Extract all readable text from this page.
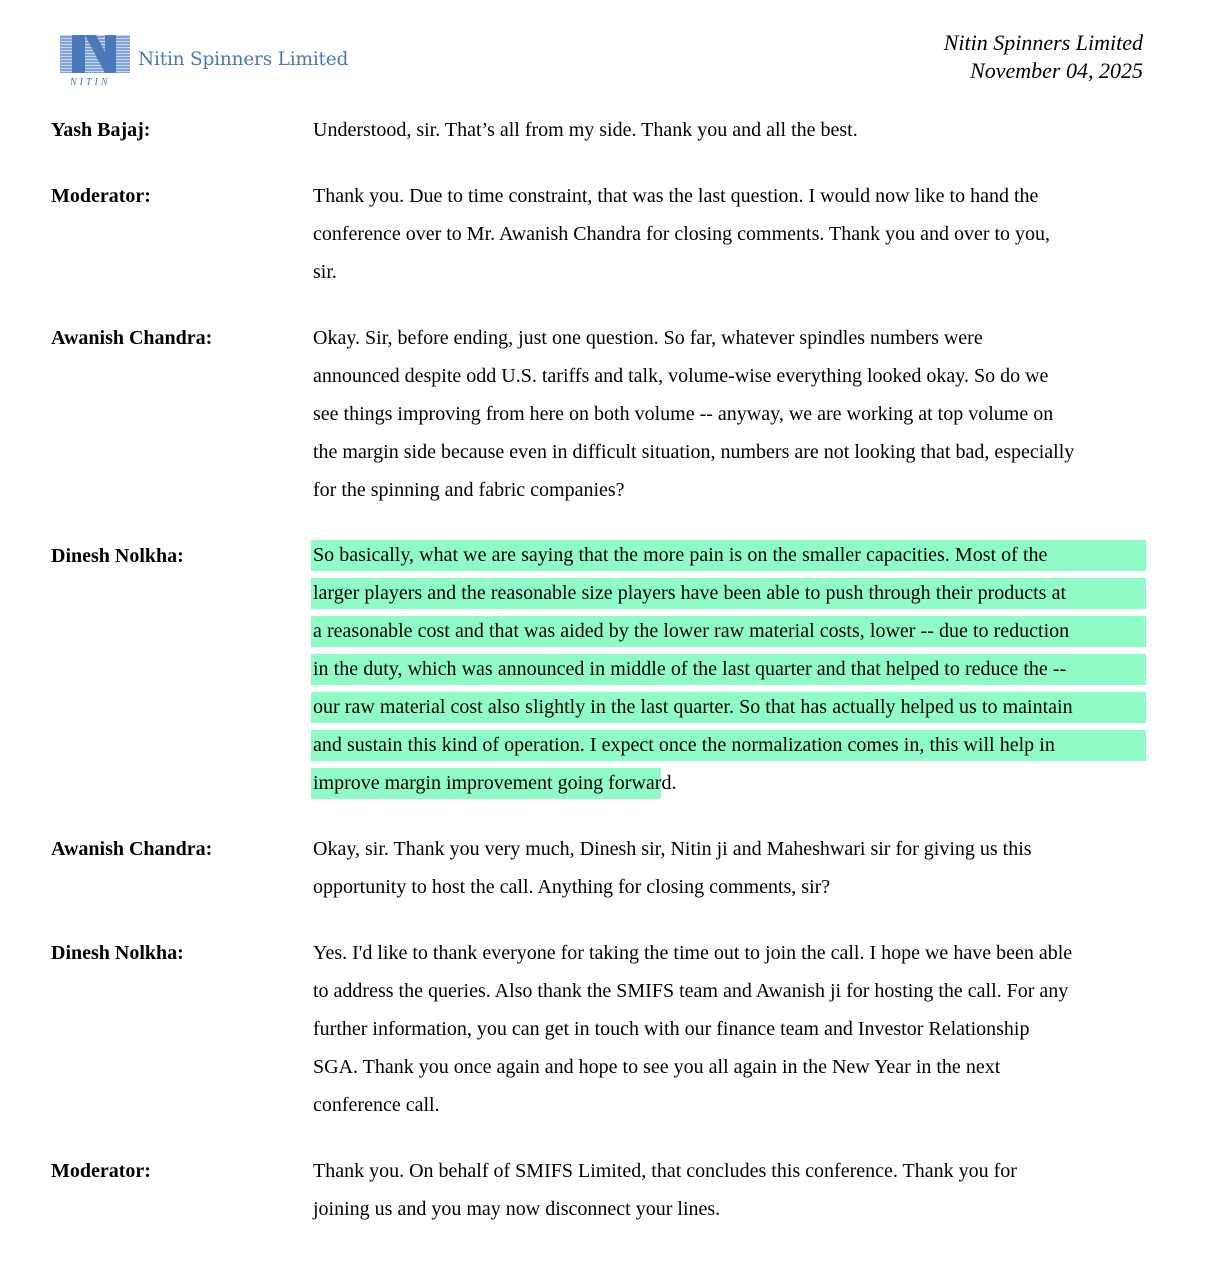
NITIN
Nitin Spinners Limited
Nitin Spinners Limited
November 04, 2025
Yash Bajaj:	Understood, sir. That’s all from my side. Thank you and all the best.
Moderator:	Thank you. Due to time constraint, that was the last question. I would now like to hand the
conference over to Mr. Awanish Chandra for closing comments. Thank you and over to you,
sir.
Awanish Chandra:	Okay. Sir, before ending, just one question. So far, whatever spindles numbers were
announced despite odd U.S. tariffs and talk, volume-wise everything looked okay. So do we
see things improving from here on both volume -- anyway, we are working at top volume on
the margin side because even in difficult situation, numbers are not looking that bad, especially
for the spinning and fabric companies?
Dinesh Nolkha:	So basically, what we are saying that the more pain is on the smaller capacities. Most of the
larger players and the reasonable size players have been able to push through their products at
a reasonable cost and that was aided by the lower raw material costs, lower -- due to reduction
in the duty, which was announced in middle of the last quarter and that helped to reduce the --
our raw material cost also slightly in the last quarter. So that has actually helped us to maintain
and sustain this kind of operation. I expect once the normalization comes in, this will help in
improve margin improvement going forward.
Awanish Chandra:	Okay, sir. Thank you very much, Dinesh sir, Nitin ji and Maheshwari sir for giving us this
opportunity to host the call. Anything for closing comments, sir?
Dinesh Nolkha:	Yes. I'd like to thank everyone for taking the time out to join the call. I hope we have been able
to address the queries. Also thank the SMIFS team and Awanish ji for hosting the call. For any
further information, you can get in touch with our finance team and Investor Relationship
SGA. Thank you once again and hope to see you all again in the New Year in the next
conference call.
Moderator:	Thank you. On behalf of SMIFS Limited, that concludes this conference. Thank you for
joining us and you may now disconnect your lines.
